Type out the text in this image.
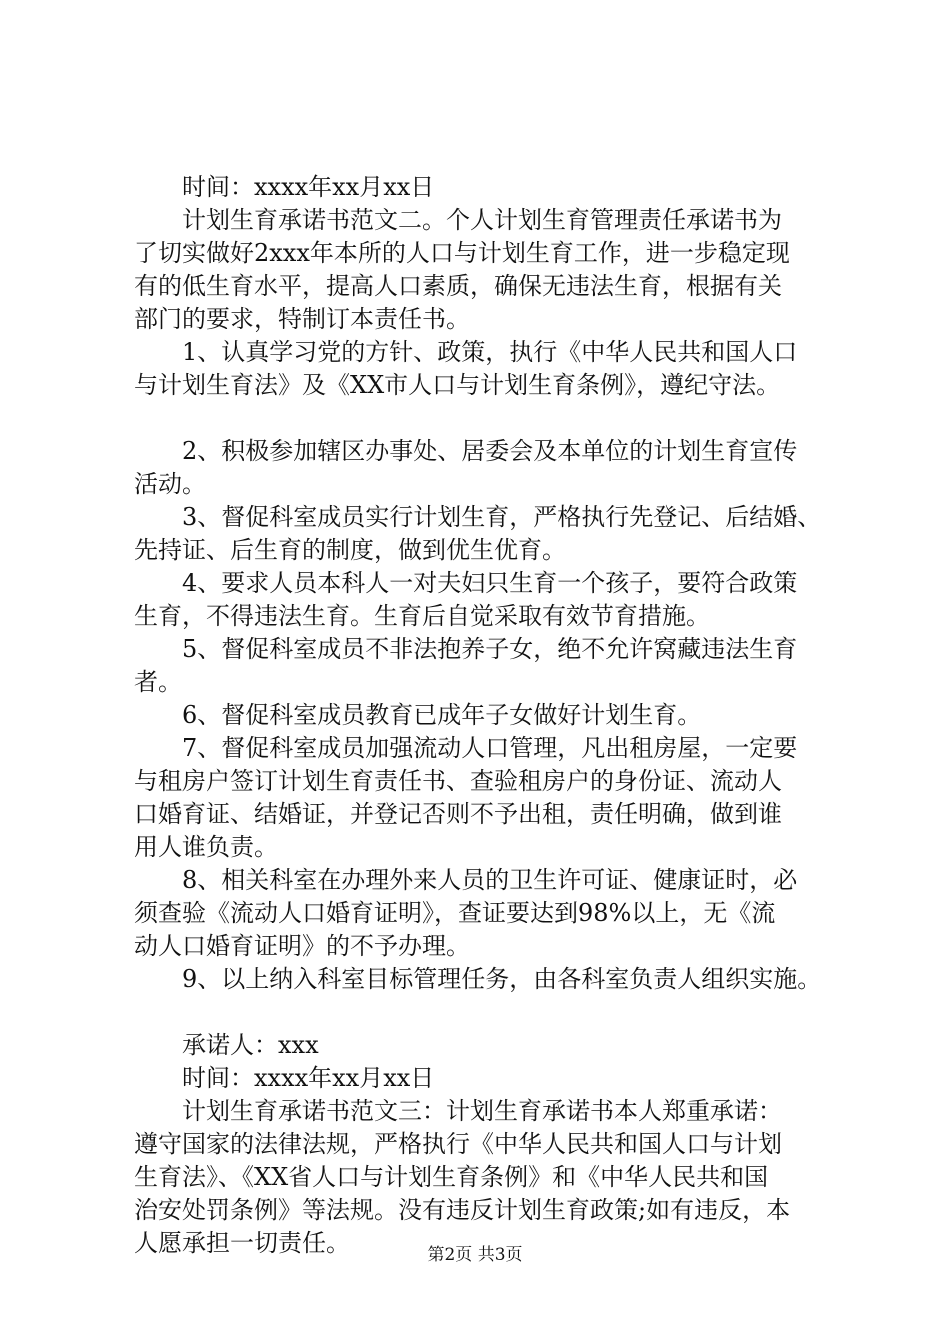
时间：xxxx年xx月xx日
计划生育承诺书范文二。个人计划生育管理责任承诺书为
了切实做好2xxx年本所的人口与计划生育工作，进一步稳定现
有的低生育水平，提高人口素质，确保无违法生育，根据有关
部门的要求，特制订本责任书。
1、认真学习党的方针、政策，执行《中华人民共和国人口
与计划生育法》及《XX市人口与计划生育条例》，遵纪守法。
2、积极参加辖区办事处、居委会及本单位的计划生育宣传
活动。
3、督促科室成员实行计划生育，严格执行先登记、后结婚、
先持证、后生育的制度，做到优生优育。
4、要求人员本科人一对夫妇只生育一个孩子，要符合政策
生育，不得违法生育。生育后自觉采取有效节育措施。
5、督促科室成员不非法抱养子女，绝不允许窝藏违法生育
者。
6、督促科室成员教育已成年子女做好计划生育。
7、督促科室成员加强流动人口管理，凡出租房屋，一定要
与租房户签订计划生育责任书、查验租房户的身份证、流动人
口婚育证、结婚证，并登记否则不予出租，责任明确，做到谁
用人谁负责。
8、相关科室在办理外来人员的卫生许可证、健康证时，必
须查验《流动人口婚育证明》，查证要达到98%以上，无《流
动人口婚育证明》的不予办理。
9、以上纳入科室目标管理任务，由各科室负责人组织实施。
承诺人：xxx
时间：xxxx年xx月xx日
计划生育承诺书范文三：计划生育承诺书本人郑重承诺：
遵守国家的法律法规，严格执行《中华人民共和国人口与计划
生育法》、《XX省人口与计划生育条例》和《中华人民共和国
治安处罚条例》等法规。没有违反计划生育政策;如有违反，本
人愿承担一切责任。	第2页 共3页
